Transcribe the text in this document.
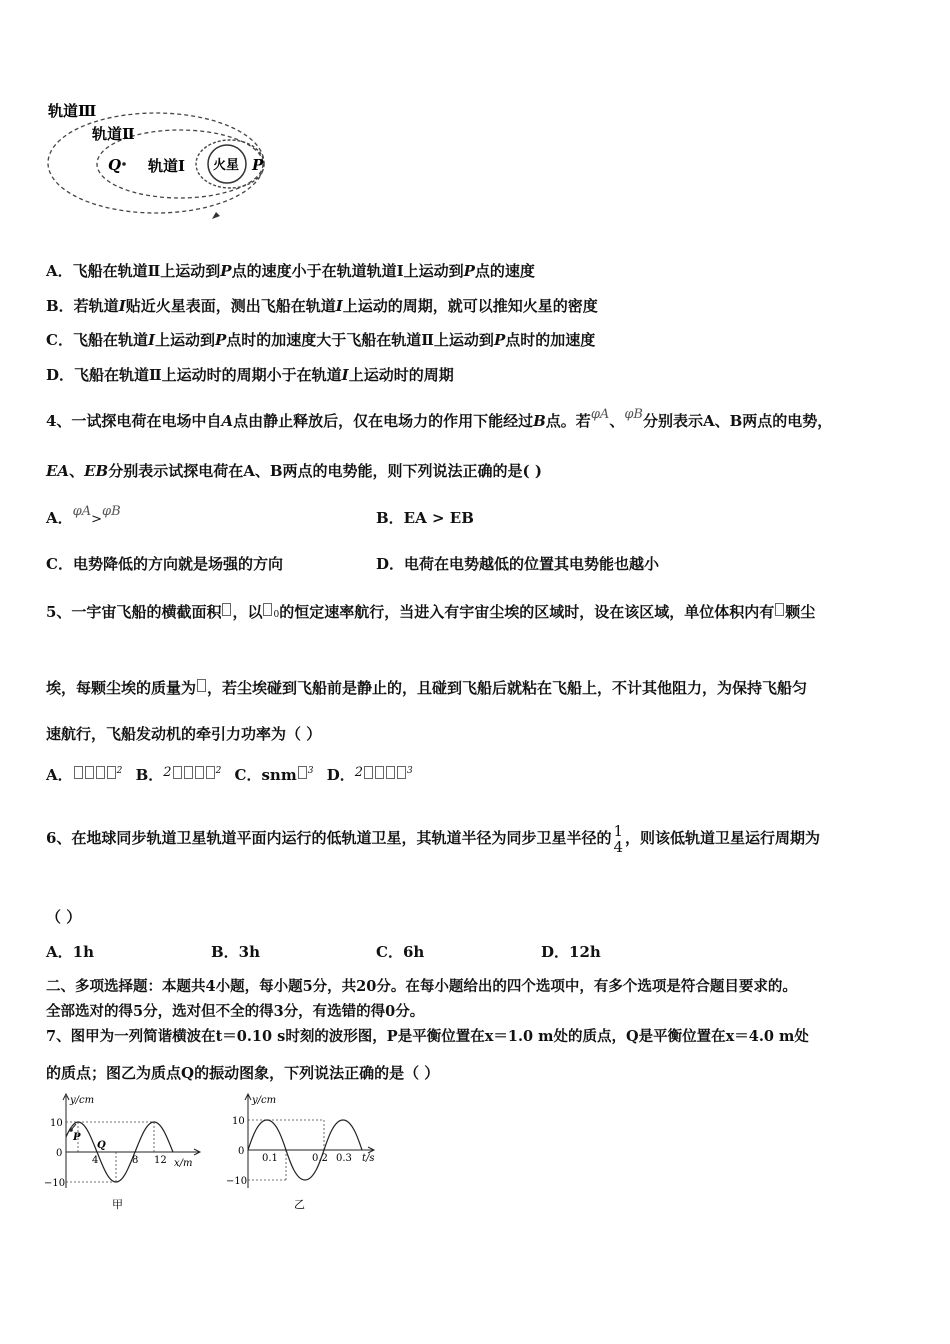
轨道Ⅲ
轨道Ⅱ
轨道Ⅰ 火星
Q	P
A．飞船在轨道Ⅱ上运动到P点的速度小于在轨道轨道Ⅰ上运动到P点的速度
B．若轨道I贴近火星表面，测出飞船在轨道I上运动的周期，就可以推知火星的密度
C．飞船在轨道I上运动到P点时的加速度大于飞船在轨道Ⅱ上运动到P点时的加速度
D．飞船在轨道Ⅱ上运动时的周期小于在轨道I上运动时的周期
4、一试探电荷在电场中自A点由静止释放后，仅在电场力的作用下能经过B点。若φA、φB分别表示A、B两点的电势，
EA、EB分别表示试探电荷在A、B两点的电势能，则下列说法正确的是( )
A．φA>φB	B．EA > EB
C．电势降低的方向就是场强的方向	D．电荷在电势越低的位置其电势能也越小
5、一宇宙飞船的横截面积 ，以 0的恒定速率航行，当进入有宇宙尘埃的区域时，设在该区域，单位体积内有 颗尘
埃，每颗尘埃的质量为 ，若尘埃碰到飞船前是静止的，且碰到飞船后就粘在飞船上，不计其他阻力，为保持飞船匀
速航行，飞船发动机的牵引力功率为（ ）
A．	$^2$ B．2	$^2$ C．snm $^3$ D．2	$^3$
6、在地球同步轨道卫星轨道平面内运行的低轨道卫星，其轨道半径为同步卫星半径的 1
4 ，则该低轨道卫星运行周期为
（ ）
A．1h	B．3h	C．6h	D．12h
二、多项选择题：本题共4小题，每小题5分，共20分。在每小题给出的四个选项中，有多个选项是符合题目要求的。
全部选对的得5分，选对但不全的得3分，有选错的得0分。
7、图甲为一列简谐横波在t＝0.10 s时刻的波形图，P是平衡位置在x＝1.0 m处的质点，Q是平衡位置在x＝4.0 m处
的质点；图乙为质点Q的振动图象，下列说法正确的是（ ）
y/cm
10
0
−10
4	8 12 x/m
P
Q
甲
y/cm
10
0
−10
0.1	0.2 0.3 t/s
乙
